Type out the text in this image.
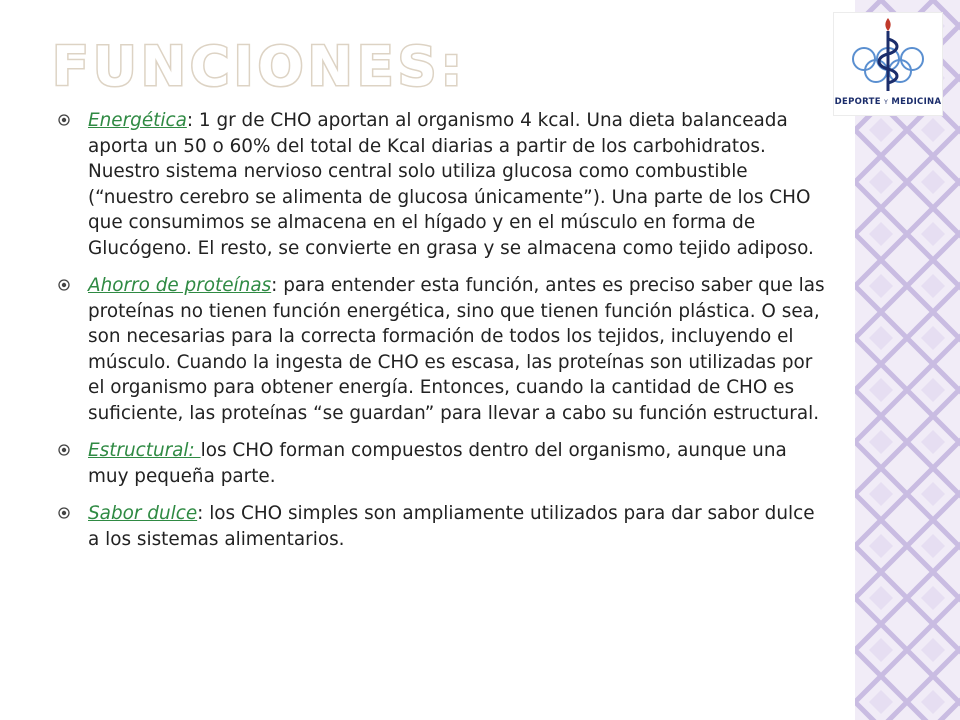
FUNCIONES:
DEPORTE Y MEDICINA
Energética: 1 gr de CHO aportan al organismo 4 kcal. Una dieta balanceada aporta un 50 o 60% del total de Kcal diarias a partir de los carbohidratos. Nuestro sistema nervioso central solo utiliza glucosa como combustible (“nuestro cerebro se alimenta de glucosa únicamente”). Una parte de los CHO que consumimos se almacena en el hígado y en el músculo en forma de Glucógeno. El resto, se convierte en grasa y se almacena como tejido adiposo.
Ahorro de proteínas: para entender esta función, antes es preciso saber que las proteínas no tienen función energética, sino que tienen función plástica. O sea, son necesarias para la correcta formación de todos los tejidos, incluyendo el músculo. Cuando la ingesta de CHO es escasa, las proteínas son utilizadas por el organismo para obtener energía. Entonces, cuando la cantidad de CHO es suficiente, las proteínas “se guardan” para llevar a cabo su función estructural.
Estructural: los CHO forman compuestos dentro del organismo, aunque una muy pequeña parte.
Sabor dulce: los CHO simples son ampliamente utilizados para dar sabor dulce a los sistemas alimentarios.
